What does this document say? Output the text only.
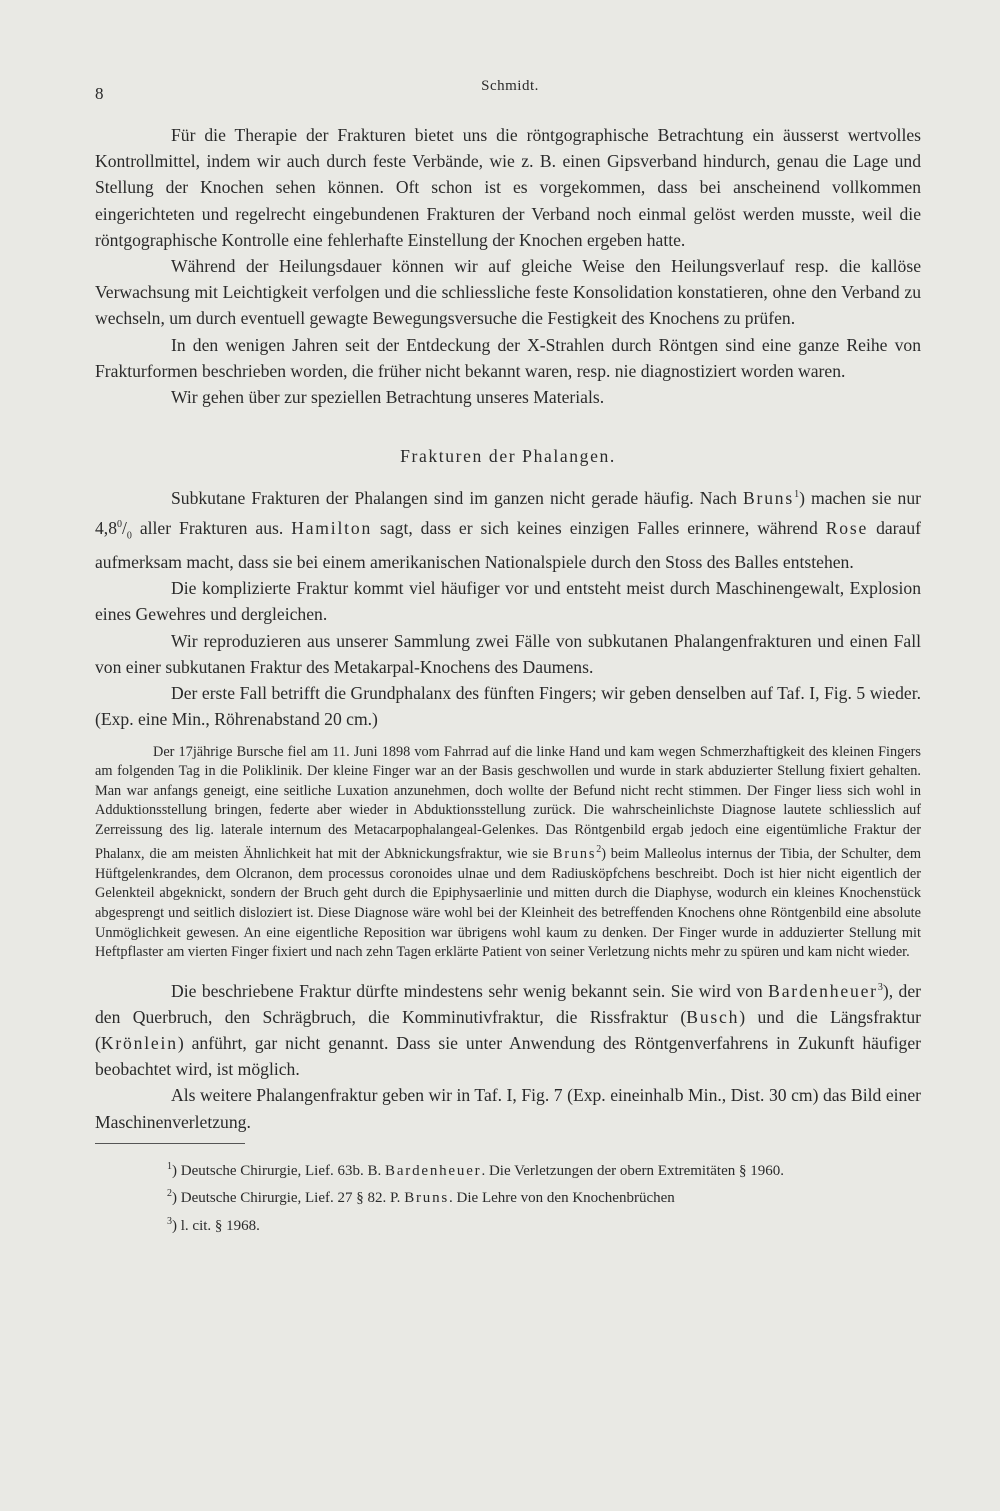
8	Schmidt.

Für die Therapie der Frakturen bietet uns die röntgographische Betrachtung ein äusserst wertvolles Kontrollmittel, indem wir auch durch feste Verbände, wie z. B. einen Gipsverband hindurch, genau die Lage und Stellung der Knochen sehen können. Oft schon ist es vorgekommen, dass bei anscheinend vollkommen eingerichteten und regelrecht eingebundenen Frakturen der Verband noch einmal gelöst werden musste, weil die röntgographische Kontrolle eine fehlerhafte Einstellung der Knochen ergeben hatte.

Während der Heilungsdauer können wir auf gleiche Weise den Heilungsverlauf resp. die kallöse Verwachsung mit Leichtigkeit verfolgen und die schliessliche feste Konsolidation konstatieren, ohne den Verband zu wechseln, um durch eventuell gewagte Bewegungsversuche die Festigkeit des Knochens zu prüfen.

In den wenigen Jahren seit der Entdeckung der X-Strahlen durch Röntgen sind eine ganze Reihe von Frakturformen beschrieben worden, die früher nicht bekannt waren, resp. nie diagnostiziert worden waren.

Wir gehen über zur speziellen Betrachtung unseres Materials.

Frakturen der Phalangen.

Subkutane Frakturen der Phalangen sind im ganzen nicht gerade häufig. Nach Bruns$^1$) machen sie nur $4,8^0/_0$ aller Frakturen aus. Hamilton sagt, dass er sich keines einzigen Falles erinnere, während Rose darauf aufmerksam macht, dass sie bei einem amerikanischen Nationalspiele durch den Stoss des Balles entstehen.

Die komplizierte Fraktur kommt viel häufiger vor und entsteht meist durch Maschinengewalt, Explosion eines Gewehres und dergleichen.

Wir reproduzieren aus unserer Sammlung zwei Fälle von subkutanen Phalangenfrakturen und einen Fall von einer subkutanen Fraktur des Metakarpal-Knochens des Daumens.

Der erste Fall betrifft die Grundphalanx des fünften Fingers; wir geben denselben auf Taf. I, Fig. 5 wieder. (Exp. eine Min., Röhrenabstand 20 cm.)

Der 17jährige Bursche fiel am 11. Juni 1898 vom Fahrrad auf die linke Hand und kam wegen Schmerzhaftigkeit des kleinen Fingers am folgenden Tag in die Poliklinik. Der kleine Finger war an der Basis geschwollen und wurde in stark abduzierter Stellung fixiert gehalten. Man war anfangs geneigt, eine seitliche Luxation anzunehmen, doch wollte der Befund nicht recht stimmen. Der Finger liess sich wohl in Adduktionsstellung bringen, federte aber wieder in Abduktionsstellung zurück. Die wahrscheinlichste Diagnose lautete schliesslich auf Zerreissung des lig. laterale internum des Metacarpophalangeal-Gelenkes. Das Röntgenbild ergab jedoch eine eigentümliche Fraktur der Phalanx, die am meisten Ähnlichkeit hat mit der Abknickungsfraktur, wie sie Bruns$^2$) beim Malleolus internus der Tibia, der Schulter, dem Hüftgelenkrandes, dem Olcranon, dem processus coronoides ulnae und dem Radiusköpfchens beschreibt. Doch ist hier nicht eigentlich der Gelenkteil abgeknickt, sondern der Bruch geht durch die Epiphysaerlinie und mitten durch die Diaphyse, wodurch ein kleines Knochenstück abgesprengt und seitlich disloziert ist. Diese Diagnose wäre wohl bei der Kleinheit des betreffenden Knochens ohne Röntgenbild eine absolute Unmöglichkeit gewesen. An eine eigentliche Reposition war übrigens wohl kaum zu denken. Der Finger wurde in adduzierter Stellung mit Heftpflaster am vierten Finger fixiert und nach zehn Tagen erklärte Patient von seiner Verletzung nichts mehr zu spüren und kam nicht wieder.

Die beschriebene Fraktur dürfte mindestens sehr wenig bekannt sein. Sie wird von Bardenheuer$^3$), der den Querbruch, den Schrägbruch, die Komminutivfraktur, die Rissfraktur (Busch) und die Längsfraktur (Krönlein) anführt, gar nicht genannt. Dass sie unter Anwendung des Röntgenverfahrens in Zukunft häufiger beobachtet wird, ist möglich.

Als weitere Phalangenfraktur geben wir in Taf. I, Fig. 7 (Exp. eineinhalb Min., Dist. 30 cm) das Bild einer Maschinenverletzung.

$^1$) Deutsche Chirurgie, Lief. 63b. B. Bardenheuer. Die Verletzungen der obern Extremitäten § 1960.
$^2$) Deutsche Chirurgie, Lief. 27 § 82. P. Bruns. Die Lehre von den Knochenbrüchen
$^3$) l. cit. § 1968.
